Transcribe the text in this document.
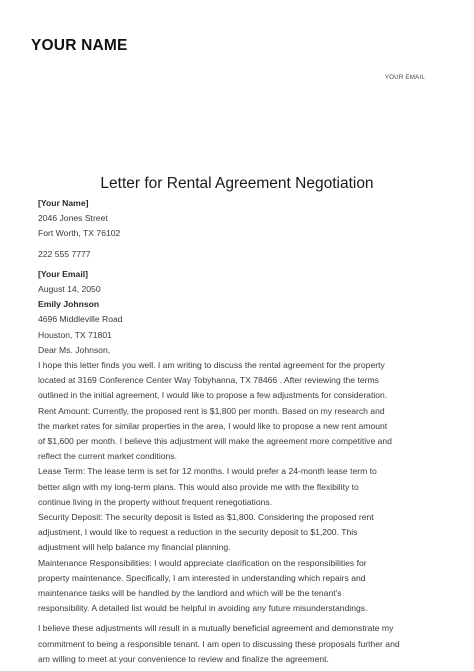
YOUR NAME
YOUR EMAIL
Letter for Rental Agreement Negotiation
[Your Name]
2046 Jones Street
Fort Worth, TX 76102
222 555 7777
[Your Email]
August 14, 2050
Emily Johnson
4696 Middleville Road
Houston, TX 71801
Dear Ms. Johnson,
I hope this letter finds you well. I am writing to discuss the rental agreement for the property
located at 3169 Conference Center Way Tobyhanna, TX 78466 . After reviewing the terms
outlined in the initial agreement, I would like to propose a few adjustments for consideration.
Rent Amount: Currently, the proposed rent is $1,800 per month. Based on my research and
the market rates for similar properties in the area, I would like to propose a new rent amount
of $1,600 per month. I believe this adjustment will make the agreement more competitive and
reflect the current market conditions.
Lease Term: The lease term is set for 12 months. I would prefer a 24-month lease term to
better align with my long-term plans. This would also provide me with the flexibility to
continue living in the property without frequent renegotiations.
Security Deposit: The security deposit is listed as $1,800. Considering the proposed rent
adjustment, I would like to request a reduction in the security deposit to $1,200. This
adjustment will help balance my financial planning.
Maintenance Responsibilities: I would appreciate clarification on the responsibilities for
property maintenance. Specifically, I am interested in understanding which repairs and
maintenance tasks will be handled by the landlord and which will be the tenant's
responsibility. A detailed list would be helpful in avoiding any future misunderstandings.
I believe these adjustments will result in a mutually beneficial agreement and demonstrate my
commitment to being a responsible tenant. I am open to discussing these proposals further and
am willing to meet at your convenience to review and finalize the agreement.
